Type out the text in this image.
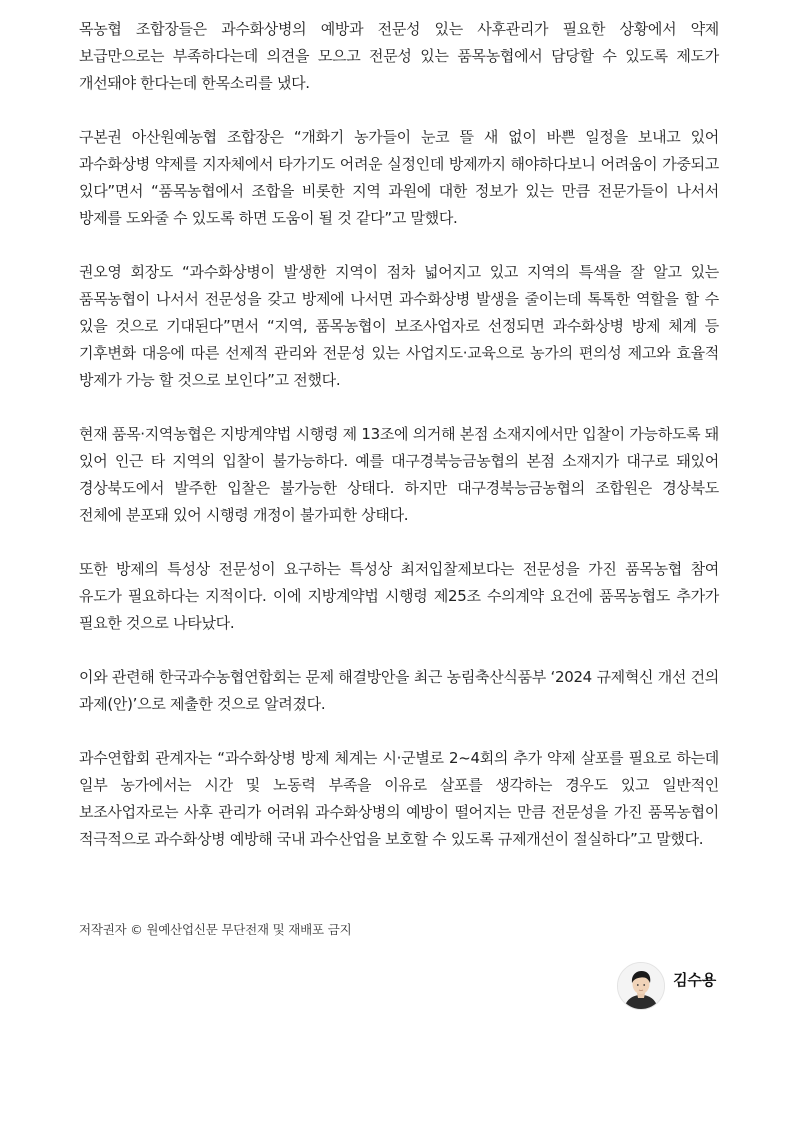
목농협 조합장들은 과수화상병의 예방과 전문성 있는 사후관리가 필요한 상황에서 약제 보급만으로는 부족하다는데 의견을 모으고 전문성 있는 품목농협에서 담당할 수 있도록 제도가 개선돼야 한다는데 한목소리를 냈다.

구본권 아산원예농협 조합장은 “개화기 농가들이 눈코 뜰 새 없이 바쁜 일정을 보내고 있어 과수화상병 약제를 지자체에서 타가기도 어려운 실정인데 방제까지 해야하다보니 어려움이 가중되고 있다”면서 “품목농협에서 조합을 비롯한 지역 과원에 대한 정보가 있는 만큼 전문가들이 나서서 방제를 도와줄 수 있도록 하면 도움이 될 것 같다”고 말했다.

권오영 회장도 “과수화상병이 발생한 지역이 점차 넓어지고 있고 지역의 특색을 잘 알고 있는 품목농협이 나서서 전문성을 갖고 방제에 나서면 과수화상병 발생을 줄이는데 톡톡한 역할을 할 수 있을 것으로 기대된다”면서 “지역, 품목농협이 보조사업자로 선정되면 과수화상병 방제 체계 등 기후변화 대응에 따른 선제적 관리와 전문성 있는 사업지도·교육으로 농가의 편의성 제고와 효율적 방제가 가능 할 것으로 보인다”고 전했다.

현재 품목·지역농협은 지방계약법 시행령 제 13조에 의거해 본점 소재지에서만 입찰이 가능하도록 돼 있어 인근 타 지역의 입찰이 불가능하다. 예를 대구경북능금농협의 본점 소재지가 대구로 돼있어 경상북도에서 발주한 입찰은 불가능한 상태다. 하지만 대구경북능금농협의 조합원은 경상북도 전체에 분포돼 있어 시행령 개정이 불가피한 상태다.

또한 방제의 특성상 전문성이 요구하는 특성상 최저입찰제보다는 전문성을 가진 품목농협 참여 유도가 필요하다는 지적이다. 이에 지방계약법 시행령 제25조 수의계약 요건에 품목농협도 추가가 필요한 것으로 나타났다.

이와 관련해 한국과수농협연합회는 문제 해결방안을 최근 농림축산식품부 ‘2024 규제혁신 개선 건의 과제(안)’으로 제출한 것으로 알려졌다.

과수연합회 관계자는 “과수화상병 방제 체계는 시·군별로 2~4회의 추가 약제 살포를 필요로 하는데 일부 농가에서는 시간 및 노동력 부족을 이유로 살포를 생각하는 경우도 있고 일반적인 보조사업자로는 사후 관리가 어려워 과수화상병의 예방이 떨어지는 만큼 전문성을 가진 품목농협이 적극적으로 과수화상병 예방해 국내 과수산업을 보호할 수 있도록 규제개선이 절실하다”고 말했다.

저작권자 © 원예산업신문 무단전재 및 재배포 금지
김수용
